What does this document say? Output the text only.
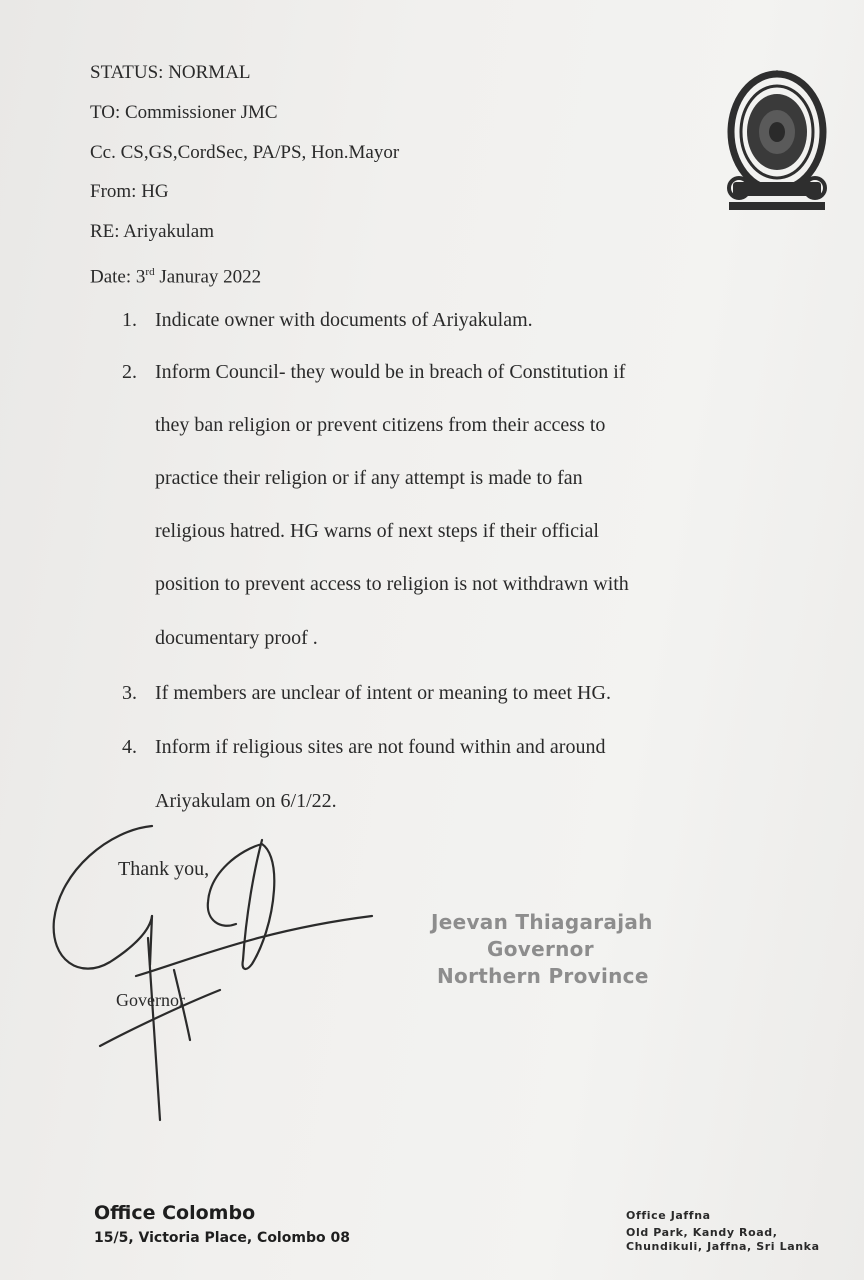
STATUS: NORMAL
TO: Commissioner JMC
Cc. CS,GS,CordSec, PA/PS, Hon.Mayor
From: HG
RE: Ariyakulam
Date: 3rd Januray 2022
1. Indicate owner with documents of Ariyakulam.
2. Inform Council- they would be in breach of Constitution if
they ban religion or prevent citizens from their access to
practice their religion or if any attempt is made to fan
religious hatred. HG warns of next steps if their official
position to prevent access to religion is not withdrawn with
documentary proof .
3. If members are unclear of intent or meaning to meet HG.
4. Inform if religious sites are not found within and around
Ariyakulam on 6/1/22.
Thank you,
Governor
Jeevan Thiagarajah
Governor
Northern Province
Office Colombo
15/5, Victoria Place, Colombo 08
Office Jaffna
Old Park, Kandy Road,
Chundikuli, Jaffna, Sri Lanka
